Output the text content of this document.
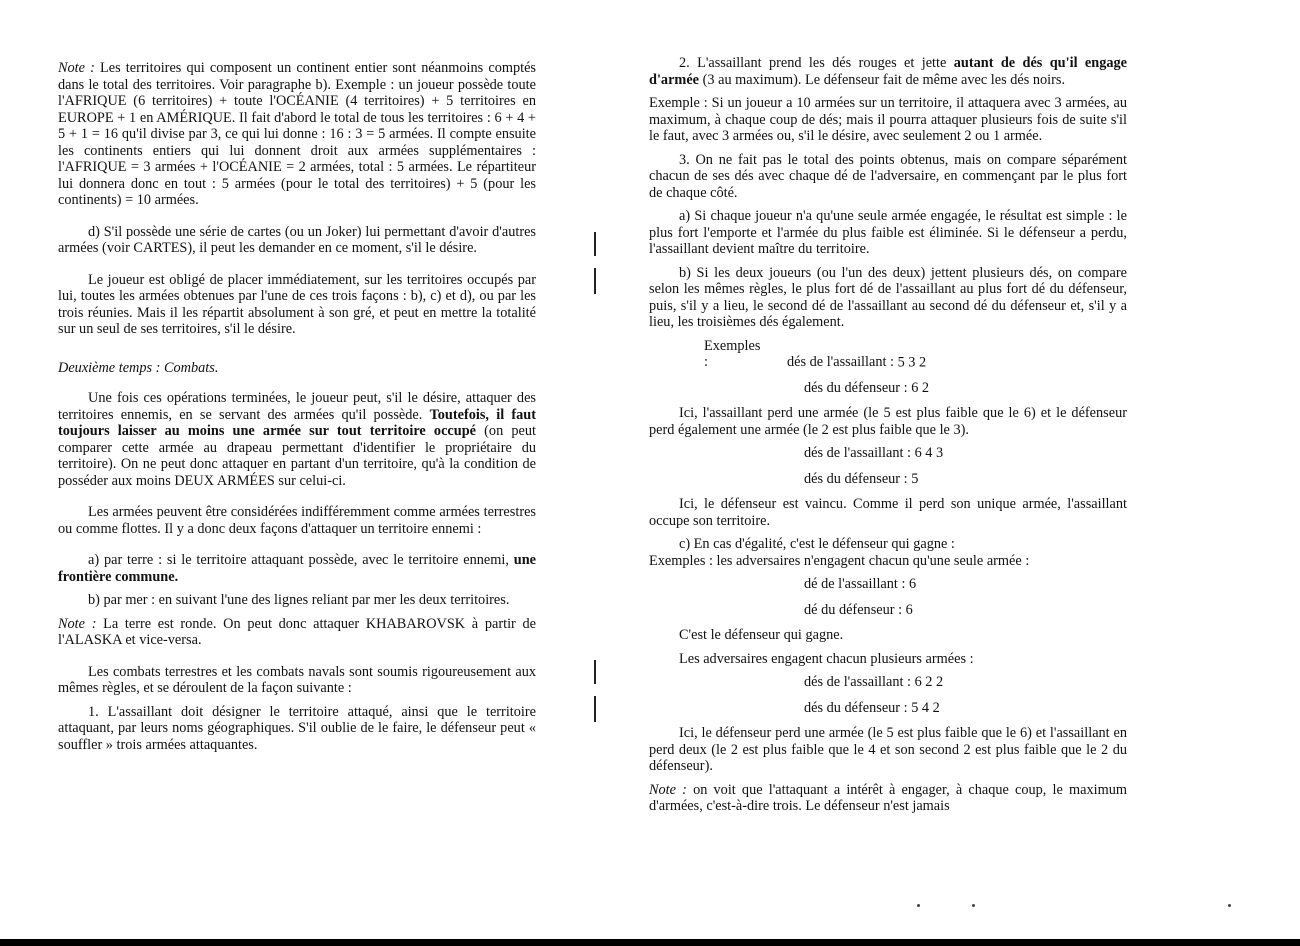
Note : Les territoires qui composent un continent entier sont néanmoins comptés dans le total des territoires. Voir paragraphe b). Exemple : un joueur possède toute l'AFRIQUE (6 territoires) + toute l'OCÉANIE (4 territoires) + 5 territoires en EUROPE + 1 en AMÉRIQUE. Il fait d'abord le total de tous les territoires : 6 + 4 + 5 + 1 = 16 qu'il divise par 3, ce qui lui donne : 16 : 3 = 5 armées. Il compte ensuite les continents entiers qui lui donnent droit aux armées supplémentaires : l'AFRIQUE = 3 armées + l'OCÉANIE = 2 armées, total : 5 armées. Le répartiteur lui donnera donc en tout : 5 armées (pour le total des territoires) + 5 (pour les continents) = 10 armées.

d) S'il possède une série de cartes (ou un Joker) lui permettant d'avoir d'autres armées (voir CARTES), il peut les demander en ce moment, s'il le désire.

Le joueur est obligé de placer immédiatement, sur les territoires occupés par lui, toutes les armées obtenues par l'une de ces trois façons : b), c) et d), ou par les trois réunies. Mais il les répartit absolument à son gré, et peut en mettre la totalité sur un seul de ses territoires, s'il le désire.

Deuxième temps : Combats.

Une fois ces opérations terminées, le joueur peut, s'il le désire, attaquer des territoires ennemis, en se servant des armées qu'il possède. Toutefois, il faut toujours laisser au moins une armée sur tout territoire occupé (on peut comparer cette armée au drapeau permettant d'identifier le propriétaire du territoire). On ne peut donc attaquer en partant d'un territoire, qu'à la condition de posséder aux moins DEUX ARMÉES sur celui-ci.

Les armées peuvent être considérées indifféremment comme armées terrestres ou comme flottes. Il y a donc deux façons d'attaquer un territoire ennemi :

a) par terre : si le territoire attaquant possède, avec le territoire ennemi, une frontière commune.

b) par mer : en suivant l'une des lignes reliant par mer les deux territoires.

Note : La terre est ronde. On peut donc attaquer KHABAROVSK à partir de l'ALASKA et vice-versa.

Les combats terrestres et les combats navals sont soumis rigoureusement aux mêmes règles, et se déroulent de la façon suivante :

1. L'assaillant doit désigner le territoire attaqué, ainsi que le territoire attaquant, par leurs noms géographiques. S'il oublie de le faire, le défenseur peut « souffler » trois armées attaquantes.

2. L'assaillant prend les dés rouges et jette autant de dés qu'il engage d'armée (3 au maximum). Le défenseur fait de même avec les dés noirs.

Exemple : Si un joueur a 10 armées sur un territoire, il attaquera avec 3 armées, au maximum, à chaque coup de dés; mais il pourra attaquer plusieurs fois de suite s'il le faut, avec 3 armées ou, s'il le désire, avec seulement 2 ou 1 armée.

3. On ne fait pas le total des points obtenus, mais on compare séparément chacun de ses dés avec chaque dé de l'adversaire, en commençant par le plus fort de chaque côté.

a) Si chaque joueur n'a qu'une seule armée engagée, le résultat est simple : le plus fort l'emporte et l'armée du plus faible est éliminée. Si le défenseur a perdu, l'assaillant devient maître du territoire.

b) Si les deux joueurs (ou l'un des deux) jettent plusieurs dés, on compare selon les mêmes règles, le plus fort dé de l'assaillant au plus fort dé du défenseur, puis, s'il y a lieu, le second dé de l'assaillant au second dé du défenseur et, s'il y a lieu, les troisièmes dés également.

Exemples :	dés de l'assaillant : 5 3 2
dés du défenseur : 6 2

Ici, l'assaillant perd une armée (le 5 est plus faible que le 6) et le défenseur perd également une armée (le 2 est plus faible que le 3).

dés de l'assaillant : 6 4 3
dés du défenseur : 5

Ici, le défenseur est vaincu. Comme il perd son unique armée, l'assaillant occupe son territoire.

c) En cas d'égalité, c'est le défenseur qui gagne :

Exemples : les adversaires n'engagent chacun qu'une seule armée :

dé de l'assaillant : 6
dé du défenseur : 6

C'est le défenseur qui gagne.

Les adversaires engagent chacun plusieurs armées :

dés de l'assaillant : 6 2 2
dés du défenseur : 5 4 2

Ici, le défenseur perd une armée (le 5 est plus faible que le 6) et l'assaillant en perd deux (le 2 est plus faible que le 4 et son second 2 est plus faible que le 2 du défenseur).

Note : on voit que l'attaquant a intérêt à engager, à chaque coup, le maximum d'armées, c'est-à-dire trois. Le défenseur n'est jamais
